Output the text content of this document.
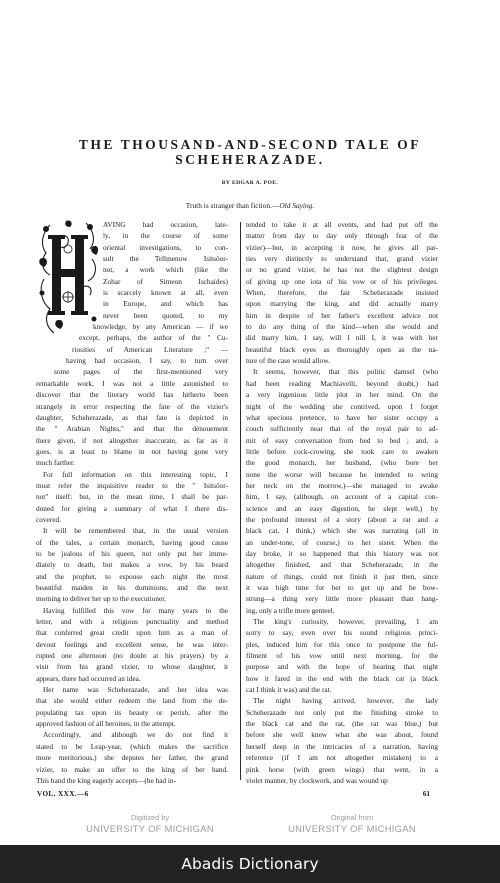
THE THOUSAND-AND-SECOND TALE OF
SCHEHERAZADE.
BY EDGAR A. POE.
Truth is stranger than fiction.—Old Saying.
AVING had occasion, late-
ly, in the course of some
oriental investigations, to con-
sult the Tellmenow Isitsöor-
not, a work which (like the
Zohar of Simeon Ischaides)
is scarcely known at all, even
in Europe, and which has
never been quoted, to my
knowledge, by any American — if we
except, perhaps, the author of the " Cu-
riosities of American Literature ;" —
having had occasion, I say, to turn over
some pages of the first-mentioned very
remarkable work, I was not a little astonished to
discover that the literary world has hitherto been
strangely in error respecting the fate of the vizier's
daughter, Scheherazade, as that fate is depicted in
the " Arabian Nights," and that the dénouement
there given, if not altogether inaccurate, as far as it
goes, is at least to blame in not having gone very
much farther.
For full information on this interesting topic, I
must refer the inquisitive reader to the " Isitsöor-
not" itself: but, in the mean time, I shall be par-
doned for giving a summary of what I there dis-
covered.
It will be remembered that, in the usual version
of the tales, a certain monarch, having good cause
to be jealous of his queen, not only put her imme-
diately to death, but makes a vow, by his beard
and the prophet, to espouse each night the most
beautiful maiden in his dominions, and the next
morning to deliver her up to the executioner.
Having fulfilled this vow for many years to the
letter, and with a religious punctuality and method
that conferred great credit upon him as a man of
devout feelings and excellent sense, he was inter-
rupted one afternoon (no doubt at his prayers) by a
visit from his grand vizier, to whose daughter, it
appears, there had occurred an idea.
Her name was Scheherazade, and her idea was
that she would either redeem the land from the de-
populating tax upon its beauty or perish, after the
approved fashion of all heroines, in the attempt.
Accordingly, and although we do not find it
stated to be Leap-year, (which makes the sacrifice
more meritorious,) she deputes her father, the grand
vizier, to make an offer to the king of her hand.
This hand the king eagerly accepts—(he had in-
tended to take it at all events, and had put off the
matter from day to day only through fear of the
vizier)—but, in accepting it now, he gives all par-
ties very distinctly to understand that, grand vizier
or no grand vizier, he has not the slightest design
of giving up one iota of his vow or of his privileges.
When, therefore, the fair Scheherazade insisted
upon marrying the king, and did actually marry
him in despite of her father's excellent advice not
to do any thing of the kind—when she would and
did marry him, I say, will I nill I, it was with her
beautiful black eyes as thoroughly open as the na-
ture of the case would allow.
It seems, however, that this politic damsel (who
had been reading Machiavelli, beyond doubt,) had
a very ingenious little plot in her mind. On the
night of the wedding she contrived, upon I forget
what specious pretence, to have her sister occupy a
couch sufficiently near that of the royal pair to ad-
mit of easy conversation from bed to bed ; and, a
little before cock-crowing, she took care to awaken
the good monarch, her husband, (who bore her
none the worse will because he intended to wring
her neck on the morrow,)—she managed to awake
him, I say, (although, on account of a capital con-
science and an easy digestion, he slept well,) by
the profound interest of a story (about a rat and a
black cat, I think,) which she was narrating (all in
an under-tone, of course,) to her sister. When the
day broke, it so happened that this history was not
altogether finished, and that Scheherazade, in the
nature of things, could not finish it just then, since
it was high time for her to get up and be bow-
strung—a thing very little more pleasant than hang-
ing, only a trifle more genteel.
The king's curiosity, however, prevailing, I am
sorry to say, even over his sound religious princi-
ples, induced him for this once to postpone the ful-
filment of his vow until next morning, for the
purpose and with the hope of hearing that night
how it fared in the end with the black cat (a black
cat I think it was) and the rat.
The night having arrived, however, the lady
Scheherazade not only put the finishing stroke to
the black cat and the rat, (the rat was blue,) but
before she well knew what she was about, found
herself deep in the intricacies of a narration, having
reference (if I am not altogether mistaken) to a
pink horse (with green wings) that went, in a
violet manner, by clockwork, and was wound up
VOL. XXX.—6	61
Digitized by
UNIVERSITY OF MICHIGAN
Original from
UNIVERSITY OF MICHIGAN
Abadis Dictionary
